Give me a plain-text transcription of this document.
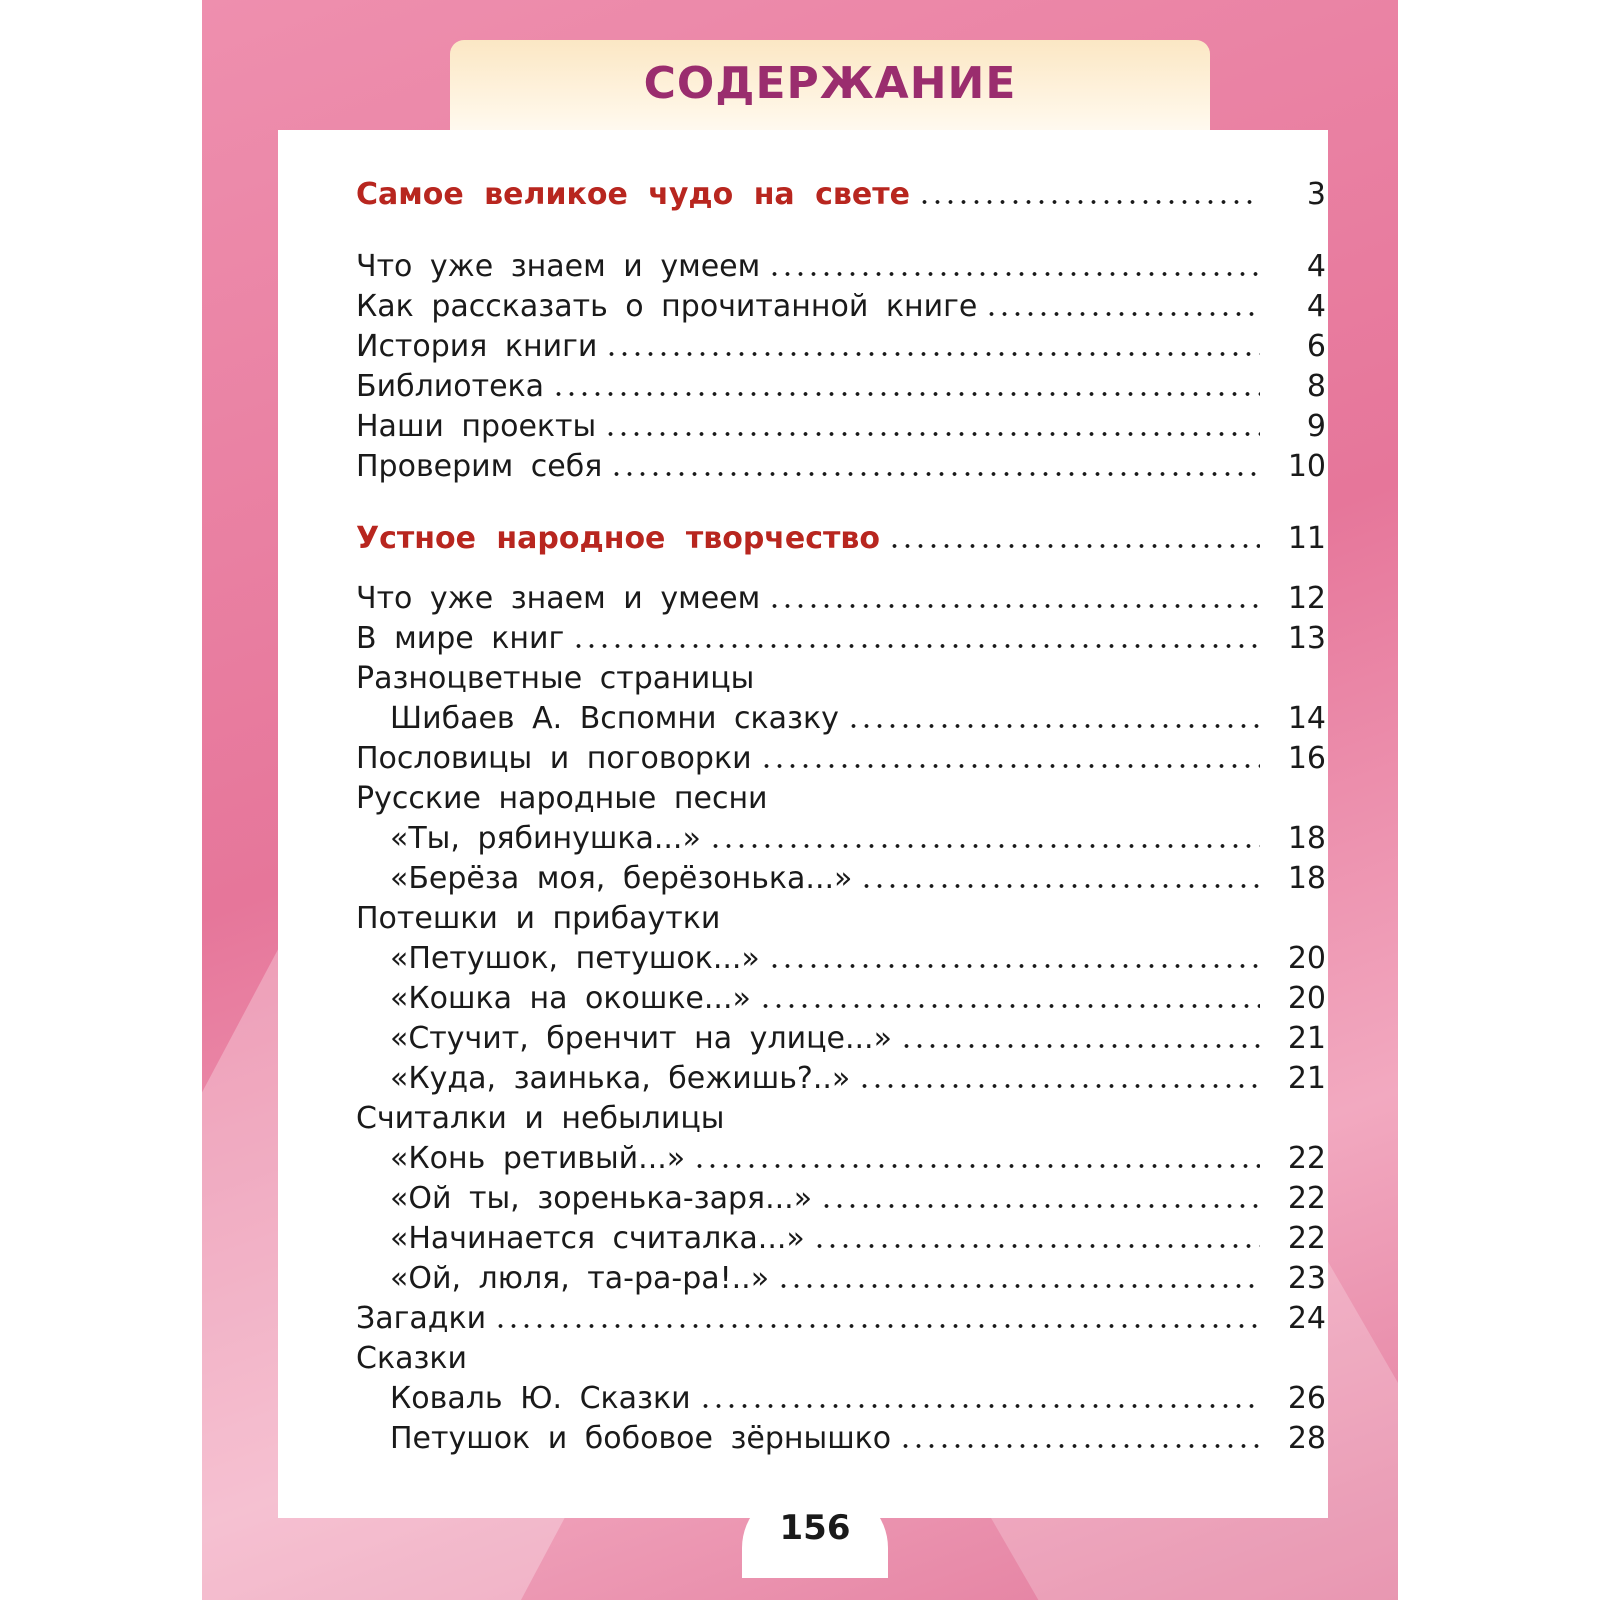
СОДЕРЖАНИЕ
Самое великое чудо на свете	3
Что уже знаем и умеем	4
Как рассказать о прочитанной книге	4
История книги	6
Библиотека	8
Наши проекты	9
Проверим себя	10
Устное народное творчество	11
Что уже знаем и умеем	12
В мире книг	13
Разноцветные страницы
Шибаев А. Вспомни сказку	14
Пословицы и поговорки	16
Русские народные песни
«Ты, рябинушка...»	18
«Берёза моя, берёзонька...»	18
Потешки и прибаутки
«Петушок, петушок...»	20
«Кошка на окошке...»	20
«Стучит, бренчит на улице...»	21
«Куда, заинька, бежишь?..»	21
Считалки и небылицы
«Конь ретивый...»	22
«Ой ты, зоренька-заря...»	22
«Начинается считалка...»	22
«Ой, люля, та-ра-ра!..»	23
Загадки	24
Сказки
Коваль Ю. Сказки	26
Петушок и бобовое зёрнышко	28
156
